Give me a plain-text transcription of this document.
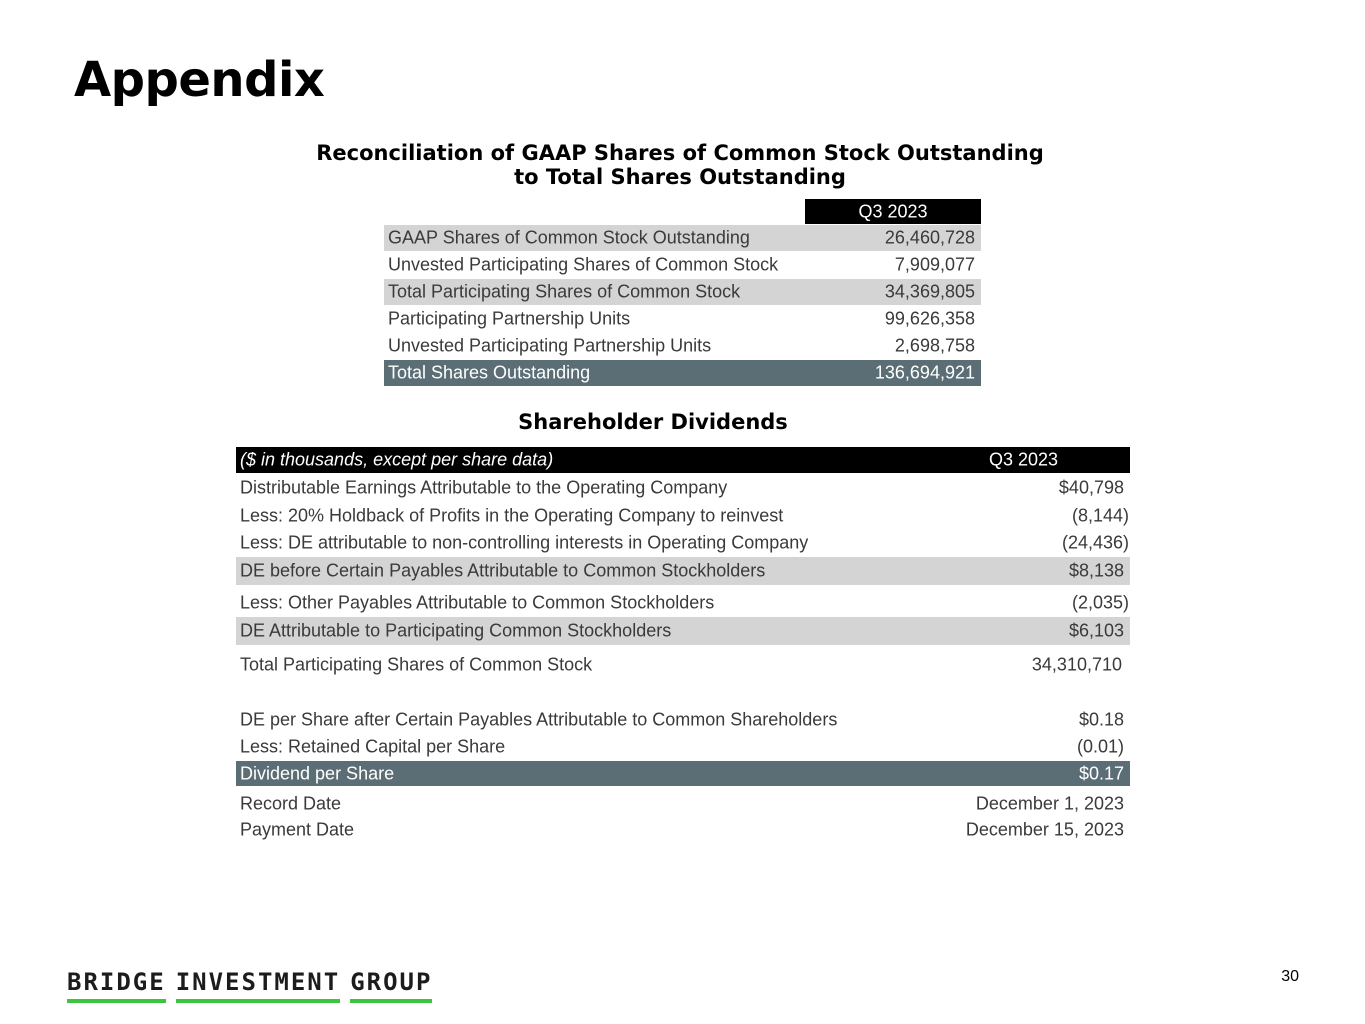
Appendix
Reconciliation of GAAP Shares of Common Stock Outstanding
to Total Shares Outstanding
Q3 2023
GAAP Shares of Common Stock Outstanding	26,460,728
Unvested Participating Shares of Common Stock	7,909,077
Total Participating Shares of Common Stock	34,369,805
Participating Partnership Units	99,626,358
Unvested Participating Partnership Units	2,698,758
Total Shares Outstanding	136,694,921
Shareholder Dividends
($ in thousands, except per share data)	Q3 2023
Distributable Earnings Attributable to the Operating Company	$40,798
Less: 20% Holdback of Profits in the Operating Company to reinvest	(8,144)
Less: DE attributable to non-controlling interests in Operating Company	(24,436)
DE before Certain Payables Attributable to Common Stockholders	$8,138
Less: Other Payables Attributable to Common Stockholders	(2,035)
DE Attributable to Participating Common Stockholders	$6,103
Total Participating Shares of Common Stock	34,310,710
DE per Share after Certain Payables Attributable to Common Shareholders	$0.18
Less: Retained Capital per Share	(0.01)
Dividend per Share	$0.17
Record Date	December 1, 2023
Payment Date	December 15, 2023
BRIDGE INVESTMENT GROUP	30
